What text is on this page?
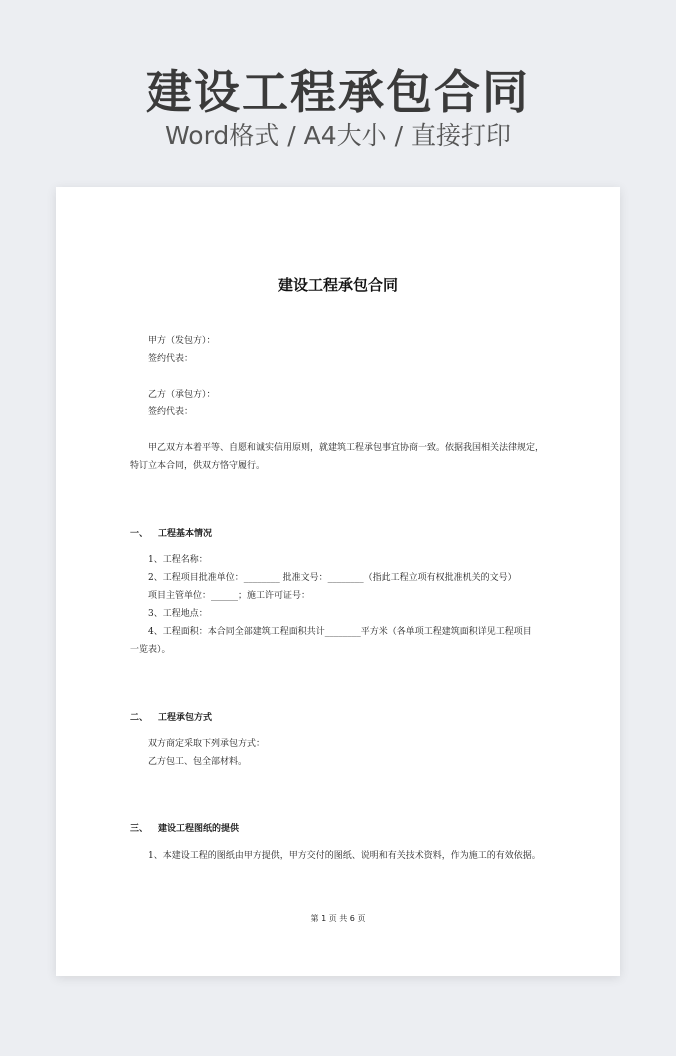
建设工程承包合同
Word格式 / A4大小 / 直接打印
建设工程承包合同
甲方（发包方）：
签约代表：
乙方（承包方）：
签约代表：
甲乙双方本着平等、自愿和诚实信用原则，就建筑工程承包事宜协商一致。依据我国相关法律规定，特订立本合同，供双方恪守履行。
一、 工程基本情况
1、工程名称：
2、工程项目批准单位：________ 批准文号：________（指此工程立项有权批准机关的文号）
项目主管单位：______；施工许可证号：
3、工程地点：
4、工程面积：本合同全部建筑工程面积共计________平方米（各单项工程建筑面积详见工程项目
一览表）。
二、 工程承包方式
双方商定采取下列承包方式：
乙方包工、包全部材料。
三、 建设工程图纸的提供
1、本建设工程的图纸由甲方提供，甲方交付的图纸、说明和有关技术资料，作为施工的有效依据。
第 1 页 共 6 页
